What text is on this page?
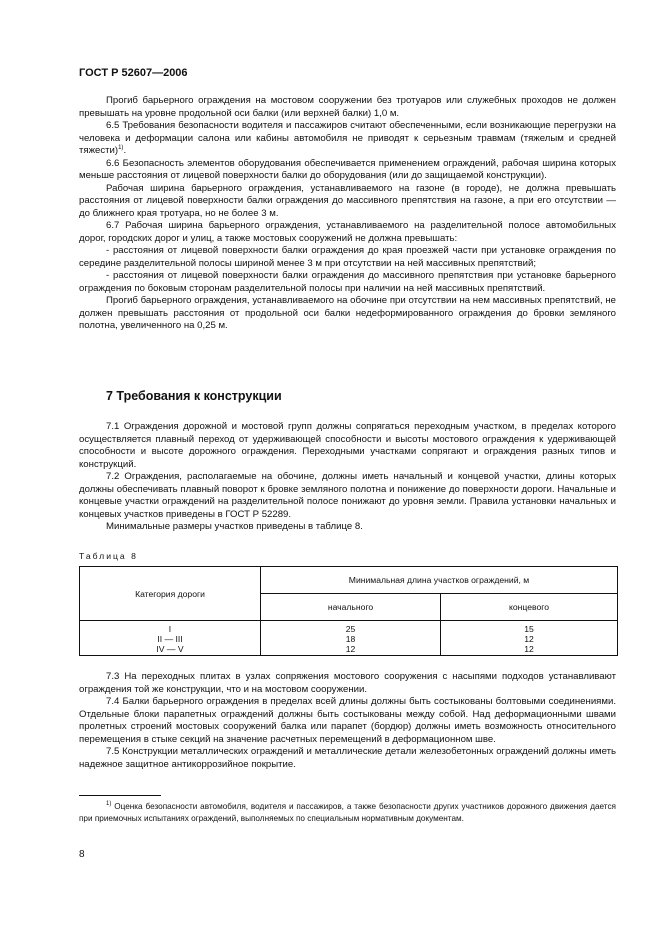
ГОСТ Р 52607—2006

Прогиб барьерного ограждения на мостовом сооружении без тротуаров или служебных проходов не должен превышать на уровне продольной оси балки (или верхней балки) 1,0 м.

6.5 Требования безопасности водителя и пассажиров считают обеспеченными, если возникающие перегрузки на человека и деформации салона или кабины автомобиля не приводят к серьезным травмам (тяжелым и средней тяжести)$^{1)}$.

6.6 Безопасность элементов оборудования обеспечивается применением ограждений, рабочая ширина которых меньше расстояния от лицевой поверхности балки до оборудования (или до защищаемой конструкции).

Рабочая ширина барьерного ограждения, устанавливаемого на газоне (в городе), не должна превышать расстояния от лицевой поверхности балки ограждения до массивного препятствия на газоне, а при его отсутствии — до ближнего края тротуара, но не более 3 м.

6.7 Рабочая ширина барьерного ограждения, устанавливаемого на разделительной полосе автомобильных дорог, городских дорог и улиц, а также мостовых сооружений не должна превышать:

- расстояния от лицевой поверхности балки ограждения до края проезжей части при установке ограждения по середине разделительной полосы шириной менее 3 м при отсутствии на ней массивных препятствий;

- расстояния от лицевой поверхности балки ограждения до массивного препятствия при установке барьерного ограждения по боковым сторонам разделительной полосы при наличии на ней массивных препятствий.

Прогиб барьерного ограждения, устанавливаемого на обочине при отсутствии на нем массивных препятствий, не должен превышать расстояния от продольной оси балки недеформированного ограждения до бровки земляного полотна, увеличенного на 0,25 м.

7 Требования к конструкции

7.1 Ограждения дорожной и мостовой групп должны сопрягаться переходным участком, в пределах которого осуществляется плавный переход от удерживающей способности и высоты мостового ограждения к удерживающей способности и высоте дорожного ограждения. Переходными участками сопрягают и ограждения разных типов и конструкций.

7.2 Ограждения, располагаемые на обочине, должны иметь начальный и концевой участки, длины которых должны обеспечивать плавный поворот к бровке земляного полотна и понижение до поверхности дороги. Начальные и концевые участки ограждений на разделительной полосе понижают до уровня земли. Правила установки начальных и концевых участков приведены в ГОСТ Р 52289.

Минимальные размеры участков приведены в таблице 8.

Таблица 8
Категория дороги	Минимальная длина участков ограждений, м	
	начального	концевого
I	25	15
II — III	18	12
IV — V	12	12

7.3 На переходных плитах в узлах сопряжения мостового сооружения с насыпями подходов устанавливают ограждения той же конструкции, что и на мостовом сооружении.

7.4 Балки барьерного ограждения в пределах всей длины должны быть состыкованы болтовыми соединениями. Отдельные блоки парапетных ограждений должны быть состыкованы между собой. Над деформационными швами пролетных строений мостовых сооружений балка или парапет (бордюр) должны иметь возможность относительного перемещения в стыке секций на значение расчетных перемещений в деформационном шве.

7.5 Конструкции металлических ограждений и металлические детали железобетонных ограждений должны иметь надежное защитное антикоррозийное покрытие.

$^{1)}$ Оценка безопасности автомобиля, водителя и пассажиров, а также безопасности других участников дорожного движения дается при приемочных испытаниях ограждений, выполняемых по специальным нормативным документам.

8
